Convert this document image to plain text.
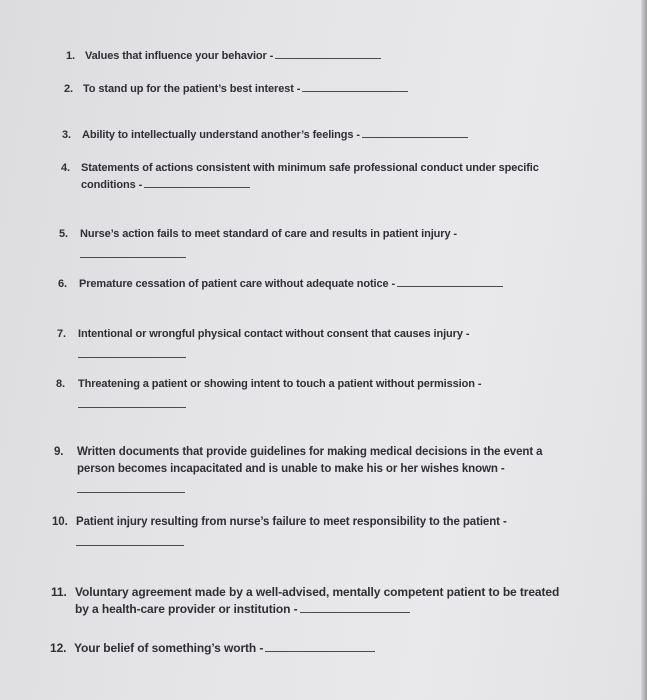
1. Values that influence your behavior -
2. To stand up for the patient’s best interest -
3.	Ability to intellectually understand another’s feelings -
4.	Statements of actions consistent with minimum safe professional conduct under specific
conditions -
5.	Nurse’s action fails to meet standard of care and results in patient injury -
6.	Premature cessation of patient care without adequate notice -
7.	Intentional or wrongful physical contact without consent that causes injury -
8.	Threatening a patient or showing intent to touch a patient without permission -
9.	Written documents that provide guidelines for making medical decisions in the event a
person becomes incapacitated and is unable to make his or her wishes known -
10. Patient injury resulting from nurse’s failure to meet responsibility to the patient -
11. Voluntary agreement made by a well-advised, mentally competent patient to be treated
by a health-care provider or institution -
12. Your belief of something’s worth -
